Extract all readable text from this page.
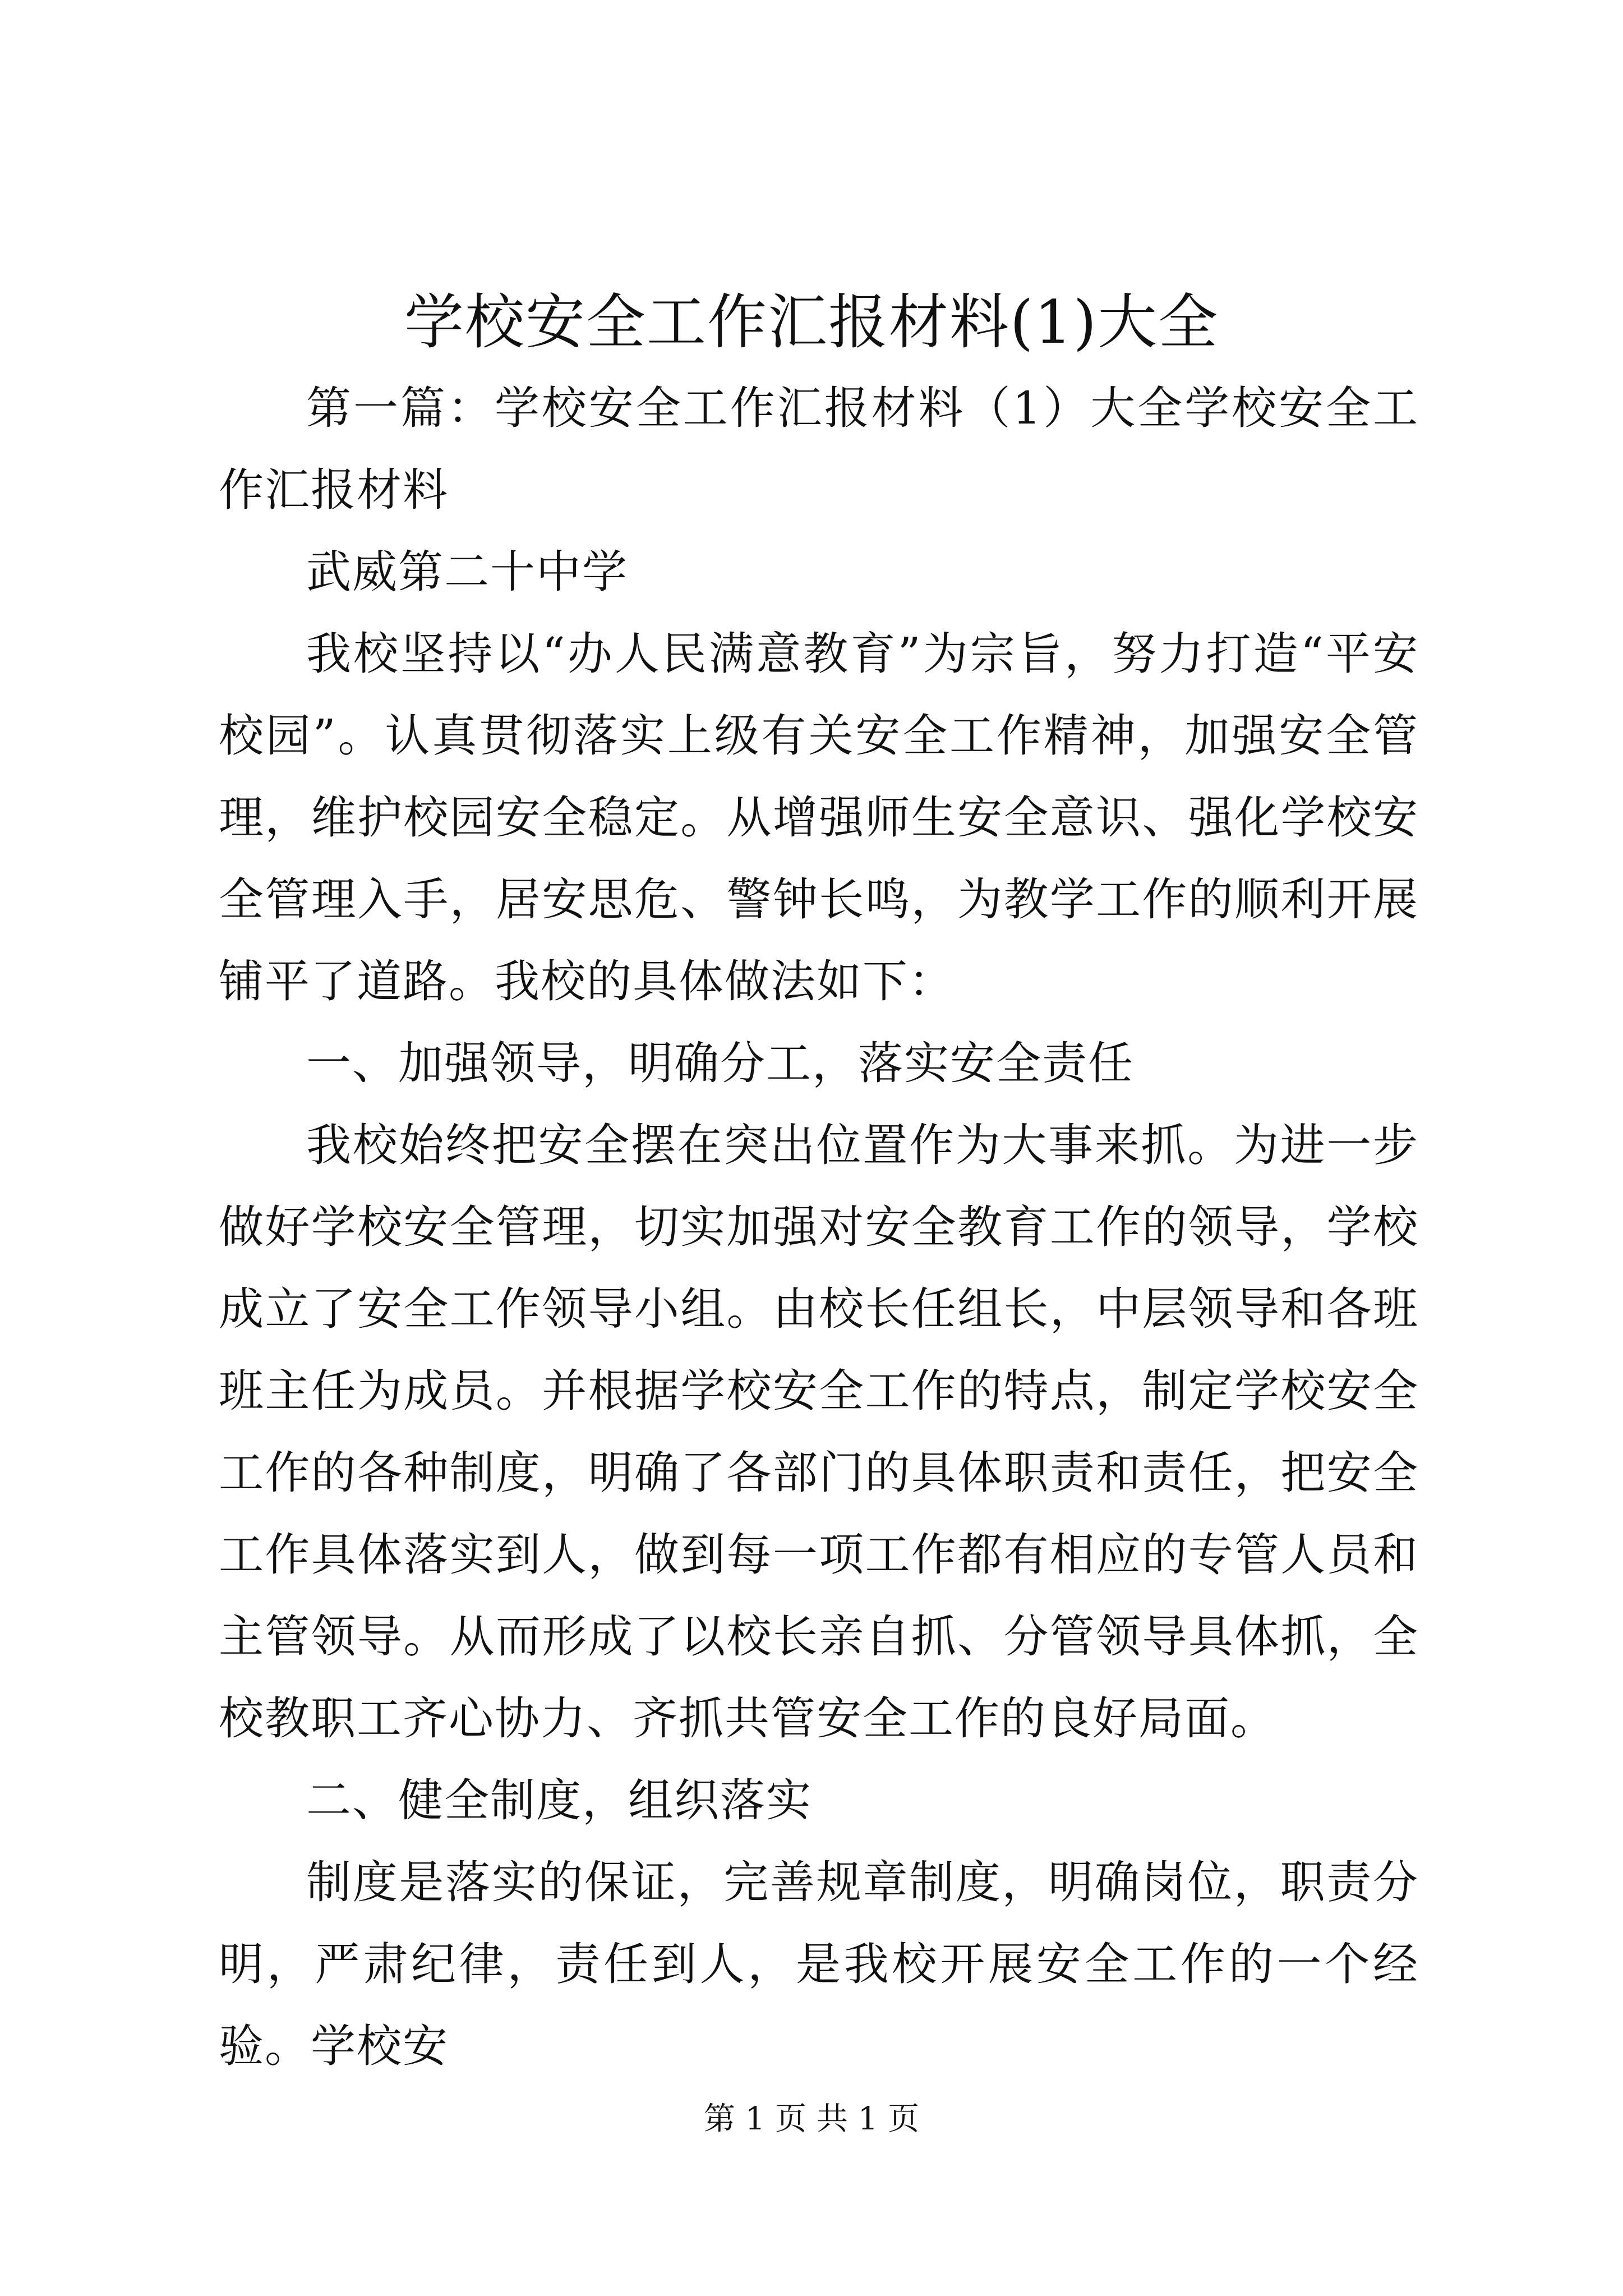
学校安全工作汇报材料(1)大全

第一篇：学校安全工作汇报材料（1）大全学校安全工作汇报材料

武威第二十中学

我校坚持以“办人民满意教育”为宗旨，努力打造“平安校园”。认真贯彻落实上级有关安全工作精神，加强安全管理，维护校园安全稳定。从增强师生安全意识、强化学校安全管理入手，居安思危、警钟长鸣，为教学工作的顺利开展铺平了道路。我校的具体做法如下：

一、加强领导，明确分工，落实安全责任

我校始终把安全摆在突出位置作为大事来抓。为进一步做好学校安全管理，切实加强对安全教育工作的领导，学校成立了安全工作领导小组。由校长任组长，中层领导和各班班主任为成员。并根据学校安全工作的特点，制定学校安全工作的各种制度，明确了各部门的具体职责和责任，把安全工作具体落实到人，做到每一项工作都有相应的专管人员和主管领导。从而形成了以校长亲自抓、分管领导具体抓，全校教职工齐心协力、齐抓共管安全工作的良好局面。

二、健全制度，组织落实

制度是落实的保证，完善规章制度，明确岗位，职责分明，严肃纪律，责任到人，是我校开展安全工作的一个经验。学校安

第 1 页 共 1 页
